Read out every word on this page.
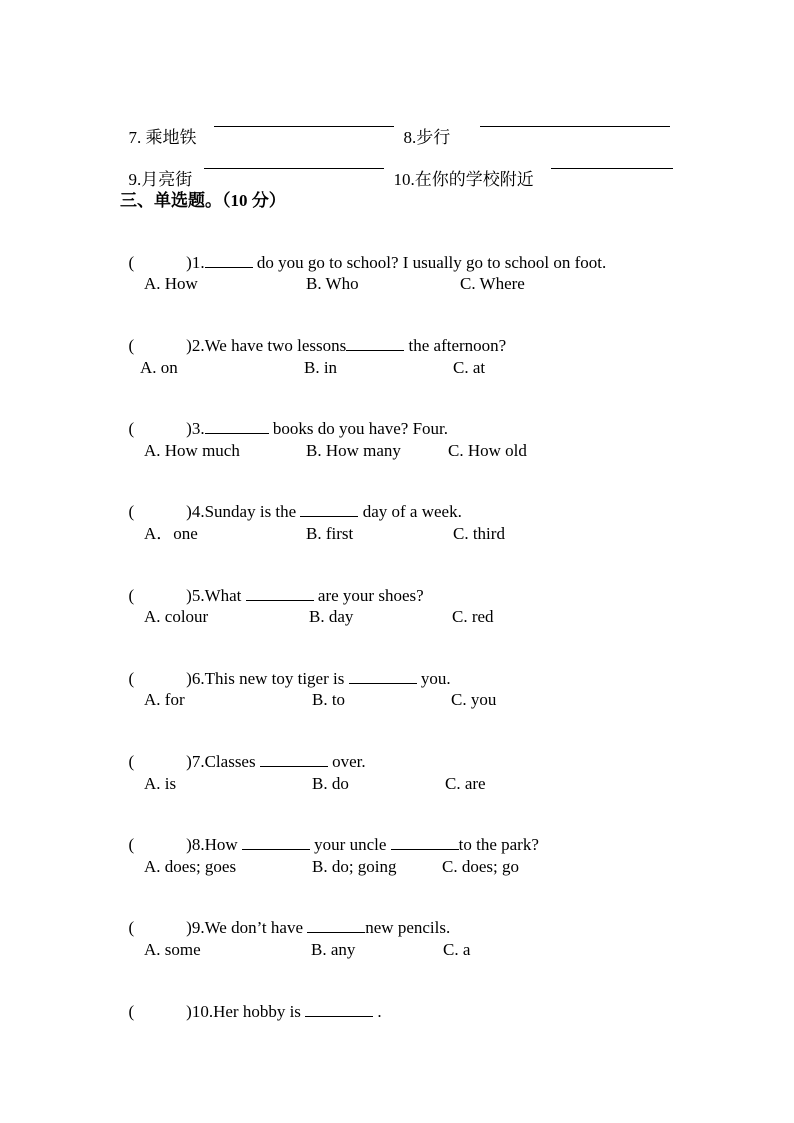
7. 乘地铁	8.步行

9.月亮街	10.在你的学校附近

三、单选题。（10 分）

(	)1.	do you go to school? I usually go to school on foot.

A. How	B. Who	C. Where

(	)2.We have two lessons	the afternoon?

A. on	B. in	C. at

(	)3.	books do you have? Four.

A. How much	B. How many	C. How old

(	)4.Sunday is the	day of a week.

A．one	B. first	C. third

(	)5.What	are your shoes?

A. colour	B. day	C. red

(	)6.This new toy tiger is	you.

A. for	B. to	C. you

(	)7.Classes	over.

A. is	B. do	C. are

(	)8.How	your uncle	to the park?

A. does; goes	B. do; going	C. does; go

(	)9.We don’t have	new pencils.

A. some	B. any	C. a

(	)10.Her hobby is	.
